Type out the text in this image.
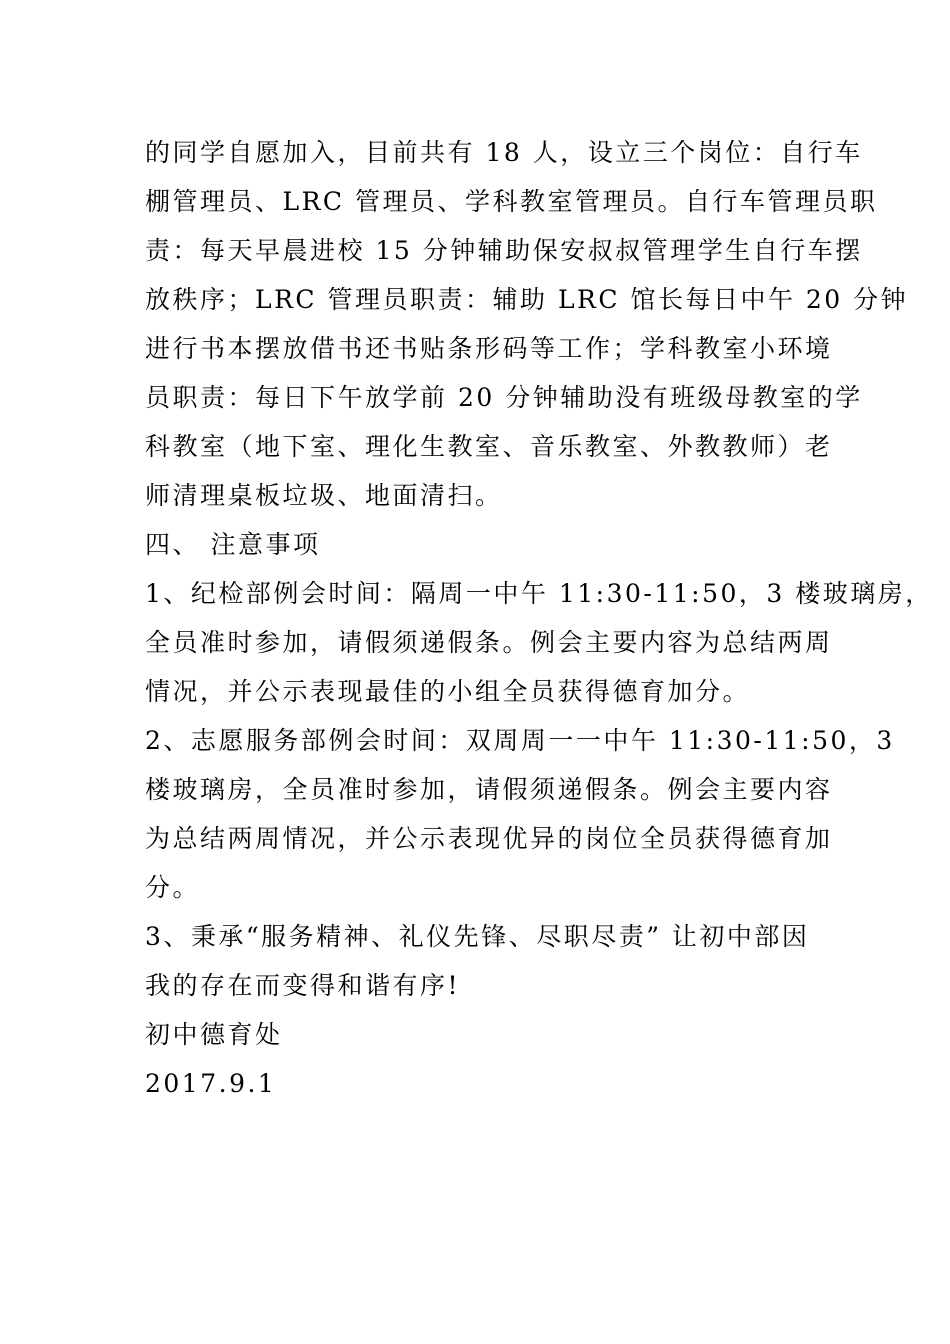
的同学自愿加入，目前共有 18 人，设立三个岗位：自行车
棚管理员、LRC 管理员、学科教室管理员。自行车管理员职
责：每天早晨进校 15 分钟辅助保安叔叔管理学生自行车摆
放秩序；LRC 管理员职责：辅助 LRC 馆长每日中午 20 分钟
进行书本摆放借书还书贴条形码等工作；学科教室小环境
员职责：每日下午放学前 20 分钟辅助没有班级母教室的学
科教室（地下室、理化生教室、音乐教室、外教教师）老
师清理桌板垃圾、地面清扫。
四、 注意事项
1、纪检部例会时间：隔周一中午 11:30-11:50，3 楼玻璃房，
全员准时参加，请假须递假条。例会主要内容为总结两周
情况，并公示表现最佳的小组全员获得德育加分。
2、志愿服务部例会时间：双周周一一中午 11:30-11:50，3
楼玻璃房，全员准时参加，请假须递假条。例会主要内容
为总结两周情况，并公示表现优异的岗位全员获得德育加
分。
3、秉承“服务精神、礼仪先锋、尽职尽责” 让初中部因
我的存在而变得和谐有序!
初中德育处
2017.9.1
